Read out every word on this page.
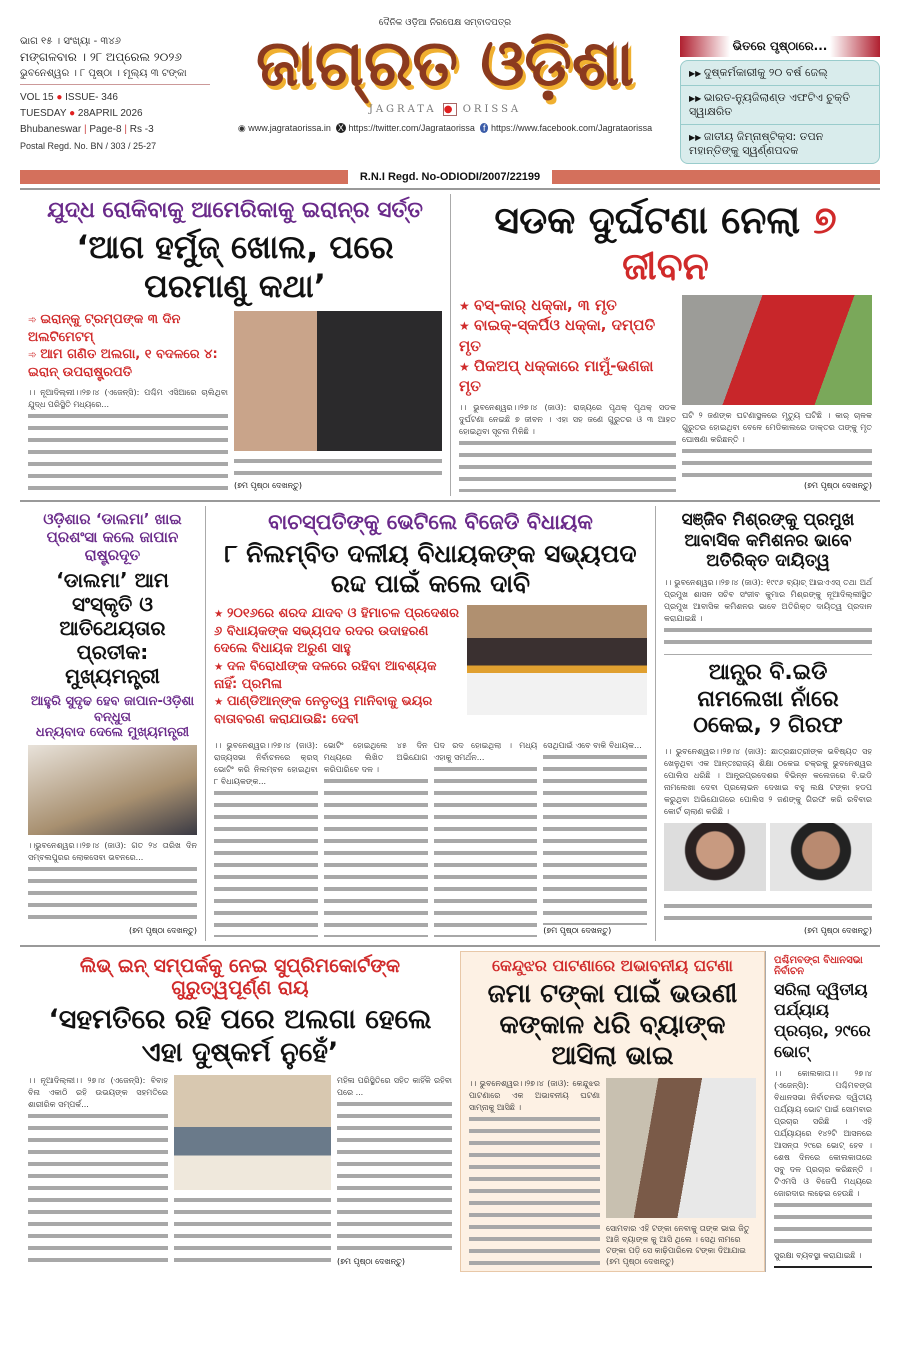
ଭାଗ ୧୫ । ସଂଖ୍ୟା - ୩୪୬
ମଙ୍ଗଳବାର । ୨୮ ଅପ୍ରେଲ ୨୦୨୬
ଭୁବନେଶ୍ୱର । ୮ ପୃଷ୍ଠା । ମୂଲ୍ୟ ୩ ଟଙ୍କା
VOL 15 ● ISSUE- 346
TUESDAY ● 28APRIL 2026
Bhubaneswar | Page-8 | Rs -3
Postal Regd. No. BN / 303 / 25-27
ଦୈନିକ ଓଡ଼ିଆ ନିରପେକ୍ଷ ସମ୍ବାଦପତ୍ର
ଜାଗ୍ରତ ଓଡ଼ିଶା
JAGRATA ● ORISSA
◉ www.jagrataorissa.in X https://twitter.com/Jagrataorissa f https://www.facebook.com/Jagrataorissa
ଭିତରେ ପୃଷ୍ଠାରେ...
▶▶ ଦୁଷ୍କର୍ମକାରୀକୁ ୨୦ ବର୍ଷ ଜେଲ୍
▶▶ ଭାରତ-ନ୍ୟୁଜିଲାଣ୍ଡ ଏଫଟିଏ ଚୁକ୍ତି ସ୍ୱାକ୍ଷରିତ
▶▶ ଜାତୀୟ ଜିମ୍ନାଷ୍ଟିକ୍ସ: ତପନ ମହାନ୍ତିଙ୍କୁ ସ୍ୱର୍ଣ୍ଣପଦକ
R.N.I Regd. No-ODIODI/2007/22199
ଯୁଦ୍ଧ ରୋକିବାକୁ ଆମେରିକାକୁ ଇରାନ୍‌ର ସର୍ତ୍ତ
‘ଆଗ ହର୍ମୁଜ୍ ଖୋଲ, ପରେ ପରମାଣୁ କଥା’
➾ ଇରାନ୍‌କୁ ଟ୍ରମ୍ପଙ୍କ ୩ ଦିନ ଅଲଟିମେଟମ୍
➾ ଆମ ଗଣିତ ଅଲଗା, ୧ ବଦଳରେ ୪: ଇରାନ୍ ଉପରାଷ୍ଟ୍ରପତି

।। ନୂଆଦିଲ୍ଲୀ।।୨୭।୪ (ଏଜେନ୍ସି): ପଶ୍ଚିମ ଏସିଆରେ ଚାଲିଥିବା ଯୁଦ୍ଧ ପରିସ୍ଥିତି ମଧ୍ୟରେ...

(୭ମ ପୃଷ୍ଠା ଦେଖନ୍ତୁ)

ସଡକ ଦୁର୍ଘଟଣା ନେଲା ୭ ଜୀବନ
★ ବସ୍-କାର୍ ଧକ୍କା, ୩ ମୃତ
★ ବାଇକ୍-ସ୍କର୍ପିଓ ଧକ୍କା, ଦମ୍ପତି ମୃତ
★ ପିକଅପ୍ ଧକ୍କାରେ ମାମୁଁ-ଭଣଜା ମୃତ

।। ଭୁବନେଶ୍ୱର।।୨୭।୪ (ଜାଓ): ରାଜ୍ୟରେ ପୃଥକ୍ ପୃଥକ୍ ସଡକ ଦୁର୍ଘଟଣା ନେଇଛି ୭ ଜୀବନ । ଏହା ସହ ଜଣେ ଗୁରୁତର ଓ ୩ ଆହତ ହୋଇଥିବା ସୂଚନା ମିଳିଛି ।

ଘଟି ୨ ଜଣଙ୍କ ଘଟଣାସ୍ଥଳରେ ମୃତ୍ୟୁ ଘଟିଛି । କାର୍ ଚାଳକ ଗୁରୁତର ହୋଇଥିବା ବେଳେ ମେଡିକାଲରେ ଡାକ୍ତର ତାଙ୍କୁ ମୃତ ଘୋଷଣା କରିଛନ୍ତି ।

(୭ମ ପୃଷ୍ଠା ଦେଖନ୍ତୁ)

ଓଡ଼ିଶାର ‘ଡାଲମା’ ଖାଇ ପ୍ରଶଂସା କଲେ ଜାପାନ ରାଷ୍ଟ୍ରଦୂତ
‘ଡାଲମା’ ଆମ ସଂସ୍କୃତି ଓ ଆତିଥେୟତାର ପ୍ରତୀକ: ମୁଖ୍ୟମନ୍ତ୍ରୀ
ଆହୁରି ସୁଦୃଢ ହେବ ଜାପାନ-ଓଡ଼ିଶା ବନ୍ଧୁତା
ଧନ୍ୟବାଦ ଦେଲେ ମୁଖ୍ୟମନ୍ତ୍ରୀ

।।ଭୁବନେଶ୍ୱର।।୨୭।୪ (ଜାଓ): ଗତ ୨୪ ତାରିଖ ଦିନ ସମ୍ବଲପୁରର ଲୋକସେବା ଭବନରେ...

(୭ମ ପୃଷ୍ଠା ଦେଖନ୍ତୁ)

ବାଚସ୍ପତିଙ୍କୁ ଭେଟିଲେ ବିଜେଡି ବିଧାୟକ
୮ ନିଲମ୍ବିତ ଦଳୀୟ ବିଧାୟକଙ୍କ ସଭ୍ୟପଦ ରଦ୍ଦ ପାଇଁ କଲେ ଦାବି
★ ୨୦୧୬ରେ ଶରଦ ଯାଦବ ଓ ହିମାଚଳ ପ୍ରଦେଶର ୬ ବିଧାୟକଙ୍କ ସଭ୍ୟପଦ ରଦର ଉଦାହରଣ ଦେଲେ ବିଧାୟକ ଅରୁଣ ସାହୁ
★ ଦଳ ବିରୋଧୀଙ୍କ ଦଳରେ ରହିବା ଆବଶ୍ୟକ ନାହିଁ: ପ୍ରମିଳା
★ ପାଣ୍ଡିଆନ୍‌ଙ୍କ ନେତୃତ୍ୱ ମାନିବାକୁ ଭୟର ବାତାବରଣ କରାଯାଉଛି: ଦେବୀ

।। ଭୁବନେଶ୍ୱର।।୨୭।୪ (ଜାଓ): ରାଜ୍ୟସଭା ନିର୍ବାଚନରେ କ୍ରସ୍ ଭୋଟିଂ କରି ନିଲମ୍ବନ ହୋଇଥିବା ୮ ବିଧାୟକଙ୍କ...

ଭୋଟିଂ ହୋଇଥିଲେ ୪୫ ଦିନ ମଧ୍ୟରେ ଲିଖିତ ଅଭିଯୋଗ କରିପାରିବେ ଦଳ ।

ପଦ ରଦ ହୋଇଥିଲା । ମଧ୍ୟ ଏହାକୁ ସମର୍ଥନ...

ସେଥିପାଇଁ ଏବେ ବାକି ବିଧାୟକ...

(୭ମ ପୃଷ୍ଠା ଦେଖନ୍ତୁ)

ସଞ୍ଜିବ ମିଶ୍ରଙ୍କୁ ପ୍ରମୁଖ ଆବାସିକ କମିଶନର ଭାବେ ଅତିରିକ୍ତ ଦାୟିତ୍ୱ

।। ଭୁବନେଶ୍ୱର।।୨୭।୪ (ଜାଓ): ୧୯୯୬ ବ୍ୟାଚ୍ ଆଇଏଏସ୍ ତଥା ଅର୍ଥ ପ୍ରମୁଖ ଶାସନ ସଚିବ ସଂଜୀବ କୁମାର ମିଶ୍ରଙ୍କୁ ନୂଆଦିଲ୍ଲୀସ୍ଥିତ ପ୍ରମୁଖ ଆବାସିକ କମିଶନର ଭାବେ ଅତିରିକ୍ତ ଦାୟିତ୍ୱ ପ୍ରଦାନ କରାଯାଇଛି ।

ଆନ୍ଧ୍ର ବି.ଇଡି ନାମଲେଖା ନାଁରେ ଠକେଇ, ୨ ଗିରଫ

।। ଭୁବନେଶ୍ୱର।।୨୭।୪ (ଜାଓ): ଛାତ୍ରଛାତ୍ରୀଙ୍କ ଭବିଷ୍ୟତ ସହ ଖେଳୁଥିବା ଏକ ଆନ୍ତଃରାଜ୍ୟ ଶିକ୍ଷା ଠକେଇ ଚକ୍ରକୁ ଭୁବନେଶ୍ୱର ପୋଲିସ ଧରିଛି । ଆନ୍ଧ୍ରପ୍ରଦେଶର ବିଭିନ୍ନ କଲେଜରେ ବି.ଇଡି ନାମଲେଖା ଦେବା ପ୍ରଲୋଭନ ଦେଖାଇ ବହୁ ଲକ୍ଷ ଟଙ୍କା ହଡପ କରୁଥିବା ଅଭିଯୋଗରେ ପୋଲିସ ୨ ଜଣଙ୍କୁ ଗିରଫ କରି ରବିବାର କୋର୍ଟ ଚାଲାଣ କରିଛି ।

(୭ମ ପୃଷ୍ଠା ଦେଖନ୍ତୁ)

ଲିଭ୍ ଇନ୍ ସମ୍ପର୍କକୁ ନେଇ ସୁପ୍ରିମକୋର୍ଟଙ୍କ ଗୁରୁତ୍ୱପୂର୍ଣ୍ଣ ରାୟ
‘ସହମତିରେ ରହି ପରେ ଅଲଗା ହେଲେ ଏହା ଦୁଷ୍କର୍ମ ନୁହେଁ’

।। ନୂଆଦିଲ୍ଲୀ।। ୨୭।୪ (ଏଜେନ୍ସି): ବିବାହ ବିନା ଏକାଠି ରହି ଉଭୟଙ୍କ ସହମତିରେ ଶାରୀରିକ ସମ୍ପର୍କ...

ମହିଳା ପରିସ୍ଥିତିରେ ସହିତ କାହିଁକି ରହିବା ପରେ ...

(୭ମ ପୃଷ୍ଠା ଦେଖନ୍ତୁ)

କେନ୍ଦୁଝର ପାଟଣାରେ ଅଭାବନୀୟ ଘଟଣା
ଜମା ଟଙ୍କା ପାଇଁ ଭଉଣୀ କଙ୍କାଳ ଧରି ବ୍ୟାଙ୍କ ଆସିଲା ଭାଇ

।। ଭୁବନେଶ୍ୱର।।୨୭।୪ (ଜାଓ): କେନ୍ଦୁଝର ପାଟଣାରେ ଏକ ଅଭାବନୀୟ ଘଟଣା ସାମ୍ନାକୁ ଆସିଛି ।

ସୋମବାର ଏହି ଟଙ୍କା ନେବାକୁ ତାଙ୍କ ଭାଇ ଜିତୁ ଆଜି ବ୍ୟାଙ୍କ କୁ ଆସି ଥିଲେ । ସେଥି ନାମରେ ଟଙ୍କା ପଡ଼ି ସେ କାଢ଼ିପାରିଲେ ଟଙ୍କା ଦିଆଯାଇ (୭ମ ପୃଷ୍ଠା ଦେଖନ୍ତୁ)
ପଶ୍ଚିମବଙ୍ଗ ବିଧାନସଭା ନିର୍ବାଚନ
ସରିଲା ଦ୍ୱିତୀୟ ପର୍ଯ୍ୟାୟ ପ୍ରଚାର, ୨୯ରେ ଭୋଟ୍

।। କୋଲକାତା।। ୨୭।୪ (ଏଜେନ୍ସି): ପଶ୍ଚିମବଙ୍ଗ ବିଧାନସଭା ନିର୍ବାଚନର ଦ୍ୱିତୀୟ ପର୍ଯ୍ୟାୟ ଭୋଟ ପାଇଁ ସୋମବାର ପ୍ରଚାର ସରିଛି । ଏହି ପର୍ଯ୍ୟାୟରେ ୧୪୨ଟି ଆସନରେ ଆସନ୍ତା ୨୯ରେ ଭୋଟ୍ ହେବ । ଶେଷ ଦିନରେ କୋଲକାତାରେ ସବୁ ଦଳ ପ୍ରଚାର କରିଛନ୍ତି । ଟିଏମସି ଓ ବିଜେପି ମଧ୍ୟରେ ଜୋରଦାର ଲଢେଇ ହେଉଛି ।

ସୁରକ୍ଷା ବ୍ୟବସ୍ଥା କରାଯାଇଛି ।
